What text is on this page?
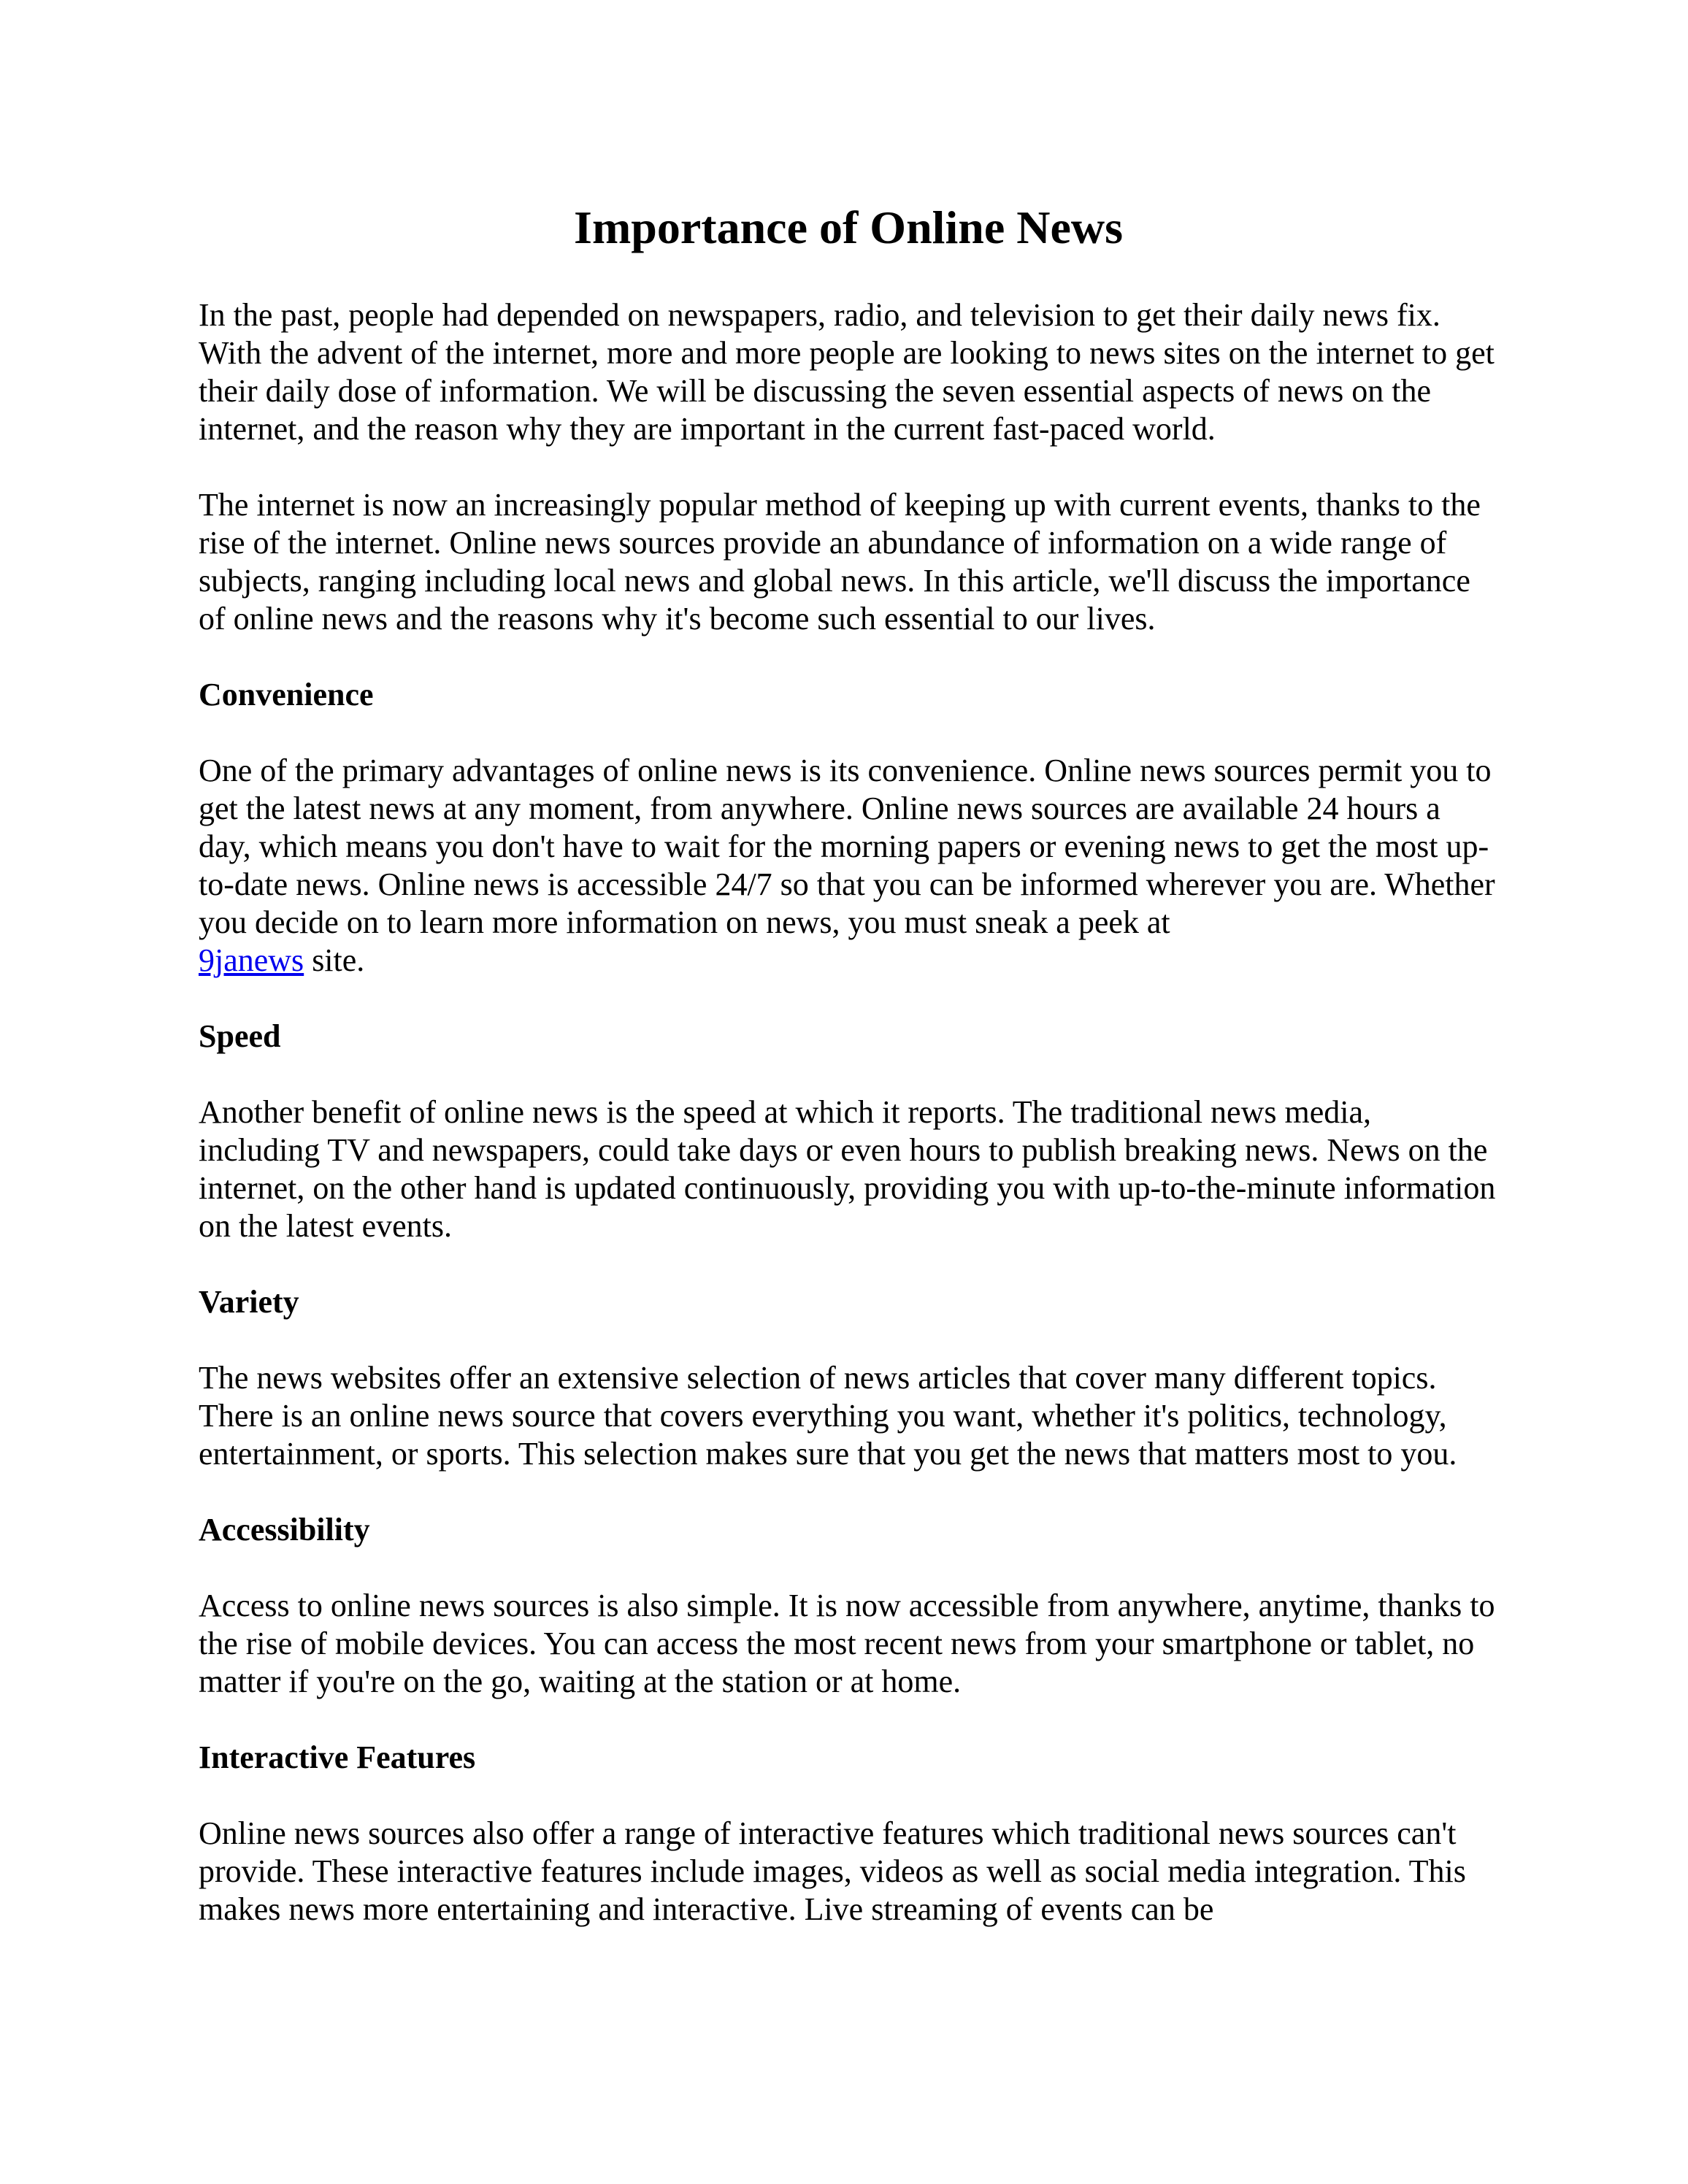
Importance of Online News

In the past, people had depended on newspapers, radio, and television to get their daily news fix. With the advent of the internet, more and more people are looking to news sites on the internet to get their daily dose of information. We will be discussing the seven essential aspects of news on the internet, and the reason why they are important in the current fast-paced world.

The internet is now an increasingly popular method of keeping up with current events, thanks to the rise of the internet. Online news sources provide an abundance of information on a wide range of subjects, ranging including local news and global news. In this article, we'll discuss the importance of online news and the reasons why it's become such essential to our lives.

Convenience

One of the primary advantages of online news is its convenience. Online news sources permit you to get the latest news at any moment, from anywhere. Online news sources are available 24 hours a day, which means you don't have to wait for the morning papers or evening news to get the most up-to-date news. Online news is accessible 24/7 so that you can be informed wherever you are. Whether you decide on to learn more information on news, you must sneak a peek at
9janews site.

Speed

Another benefit of online news is the speed at which it reports. The traditional news media, including TV and newspapers, could take days or even hours to publish breaking news. News on the internet, on the other hand is updated continuously, providing you with up-to-the-minute information on the latest events.

Variety

The news websites offer an extensive selection of news articles that cover many different topics. There is an online news source that covers everything you want, whether it's politics, technology, entertainment, or sports. This selection makes sure that you get the news that matters most to you.

Accessibility

Access to online news sources is also simple. It is now accessible from anywhere, anytime, thanks to the rise of mobile devices. You can access the most recent news from your smartphone or tablet, no matter if you're on the go, waiting at the station or at home.

Interactive Features

Online news sources also offer a range of interactive features which traditional news sources can't provide. These interactive features include images, videos as well as social media integration. This makes news more entertaining and interactive. Live streaming of events can be
